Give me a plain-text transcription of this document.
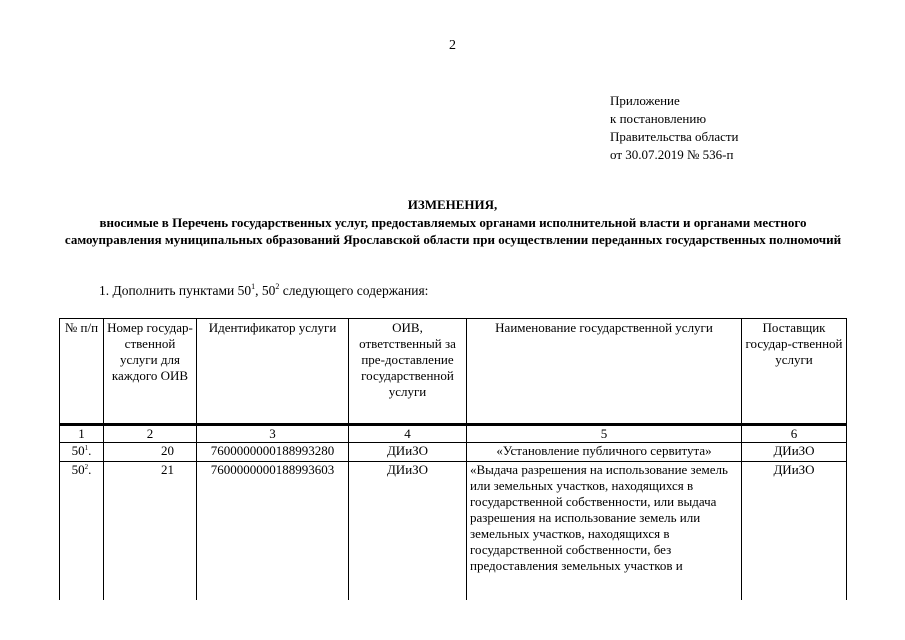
2
Приложение
к постановлению
Правительства области
от 30.07.2019 № 536-п
ИЗМЕНЕНИЯ,
вносимые в Перечень государственных услуг, предоставляемых органами исполнительной власти и органами местного самоуправления муниципальных образований Ярославской области при осуществлении переданных государственных полномочий
1. Дополнить пунктами $50^1$, $50^2$ следующего содержания:
№ п/п	Номер государ-ственной услуги для каждого ОИВ	Идентификатор услуги	ОИВ, ответственный за пре-доставление государственной услуги	Наименование государственной услуги	Поставщик государ-ственной услуги
1	2	3	4	5	6
$50^1$.	20	7600000000188993280	ДИиЗО	«Установление публичного сервитута»	ДИиЗО
$50^2$.	21	7600000000188993603	ДИиЗО	«Выдача разрешения на использование земель или земельных участков, находящихся в государственной собственности, или выдача разрешения на использование земель или земельных участков, находящихся в государственной собственности, без предоставления земельных участков и	ДИиЗО
